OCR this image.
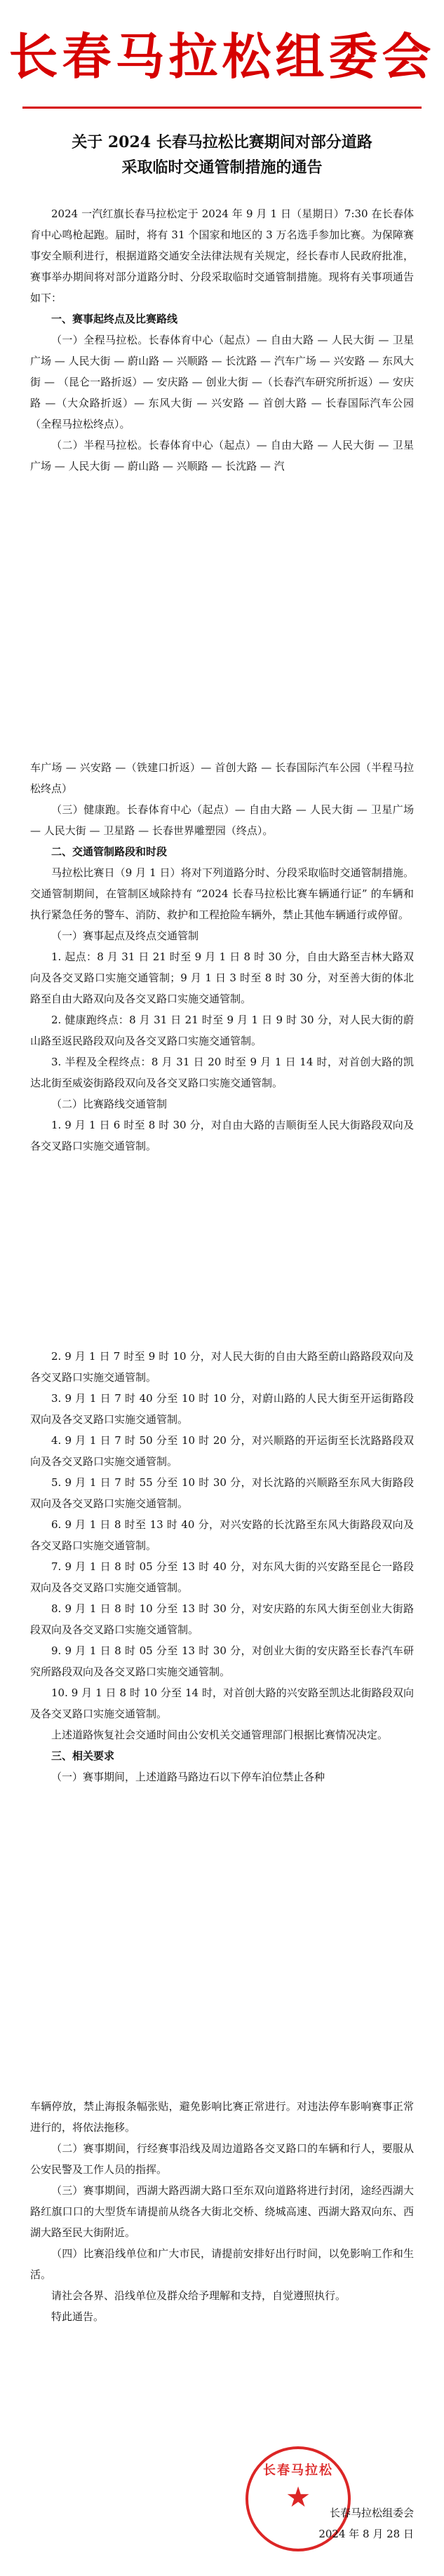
长春马拉松组委会
关于 2024 长春马拉松比赛期间对部分道路
采取临时交通管制措施的通告

2024 一汽红旗长春马拉松定于 2024 年 9 月 1 日（星期日）7:30 在长春体育中心鸣枪起跑。届时，将有 31 个国家和地区的 3 万名选手参加比赛。为保障赛事安全顺利进行，根据道路交通安全法律法规有关规定，经长春市人民政府批准，赛事举办期间将对部分道路分时、分段采取临时交通管制措施。现将有关事项通告如下：

一、赛事起终点及比赛路线

（一）全程马拉松。长春体育中心（起点）— 自由大路 — 人民大街 — 卫星广场 — 人民大街 — 蔚山路 — 兴顺路 — 长沈路 — 汽车广场 — 兴安路 — 东风大街 — （昆仑一路折返）— 安庆路 — 创业大街 —（长春汽车研究所折返）— 安庆路 —（大众路折返）— 东风大街 — 兴安路 — 首创大路 — 长春国际汽车公园（全程马拉松终点）。

（二）半程马拉松。长春体育中心（起点）— 自由大路 — 人民大街 — 卫星广场 — 人民大街 — 蔚山路 — 兴顺路 — 长沈路 — 汽

车广场 — 兴安路 —（铁建口折返）— 首创大路 — 长春国际汽车公园（半程马拉松终点）

（三）健康跑。长春体育中心（起点）— 自由大路 — 人民大街 — 卫星广场 — 人民大街 — 卫星路 — 长春世界雕塑园（终点）。

二、交通管制路段和时段

马拉松比赛日（9 月 1 日）将对下列道路分时、分段采取临时交通管制措施。交通管制期间，在管制区域除持有 “2024 长春马拉松比赛车辆通行证” 的车辆和执行紧急任务的警车、消防、救护和工程抢险车辆外，禁止其他车辆通行或停留。

（一）赛事起点及终点交通管制

1. 起点：8 月 31 日 21 时至 9 月 1 日 8 时 30 分，自由大路至吉林大路双向及各交叉路口实施交通管制；9 月 1 日 3 时至 8 时 30 分，对至善大街的体北路至自由大路双向及各交叉路口实施交通管制。

2. 健康跑终点：8 月 31 日 21 时至 9 月 1 日 9 时 30 分，对人民大街的蔚山路至返民路段双向及各交叉路口实施交通管制。

3. 半程及全程终点：8 月 31 日 20 时至 9 月 1 日 14 时，对首创大路的凯达北街至威姿街路段双向及各交叉路口实施交通管制。

（二）比赛路线交通管制

1. 9 月 1 日 6 时至 8 时 30 分，对自由大路的吉顺街至人民大街路段双向及各交叉路口实施交通管制。

2. 9 月 1 日 7 时至 9 时 10 分，对人民大街的自由大路至蔚山路路段双向及各交叉路口实施交通管制。

3. 9 月 1 日 7 时 40 分至 10 时 10 分，对蔚山路的人民大街至开运街路段双向及各交叉路口实施交通管制。

4. 9 月 1 日 7 时 50 分至 10 时 20 分，对兴顺路的开运街至长沈路路段双向及各交叉路口实施交通管制。

5. 9 月 1 日 7 时 55 分至 10 时 30 分，对长沈路的兴顺路至东风大街路段双向及各交叉路口实施交通管制。

6. 9 月 1 日 8 时至 13 时 40 分，对兴安路的长沈路至东风大街路段双向及各交叉路口实施交通管制。

7. 9 月 1 日 8 时 05 分至 13 时 40 分，对东风大街的兴安路至昆仑一路段双向及各交叉路口实施交通管制。

8. 9 月 1 日 8 时 10 分至 13 时 30 分，对安庆路的东风大街至创业大街路段双向及各交叉路口实施交通管制。

9. 9 月 1 日 8 时 05 分至 13 时 30 分，对创业大街的安庆路至长春汽车研究所路段双向及各交叉路口实施交通管制。

10. 9 月 1 日 8 时 10 分至 14 时，对首创大路的兴安路至凯达北街路段双向及各交叉路口实施交通管制。

上述道路恢复社会交通时间由公安机关交通管理部门根据比赛情况决定。

三、相关要求

（一）赛事期间，上述道路马路边石以下停车泊位禁止各种

车辆停放，禁止海报条幅张贴，避免影响比赛正常进行。对违法停车影响赛事正常进行的，将依法拖移。

（二）赛事期间，行经赛事沿线及周边道路各交叉路口的车辆和行人，要服从公安民警及工作人员的指挥。

（三）赛事期间，西湖大路西湖大路口至东双向道路将进行封闭，途经西湖大路红旗口口的大型货车请提前从绕各大街北交桥、绕城高速、西湖大路双向东、西湖大路至民大街附近。

（四）比赛沿线单位和广大市民，请提前安排好出行时间，以免影响工作和生活。

请社会各界、沿线单位及群众给予理解和支持，自觉遵照执行。

特此通告。

长春马拉松
★	长春马拉松组委会
2024 年 8 月 28 日
